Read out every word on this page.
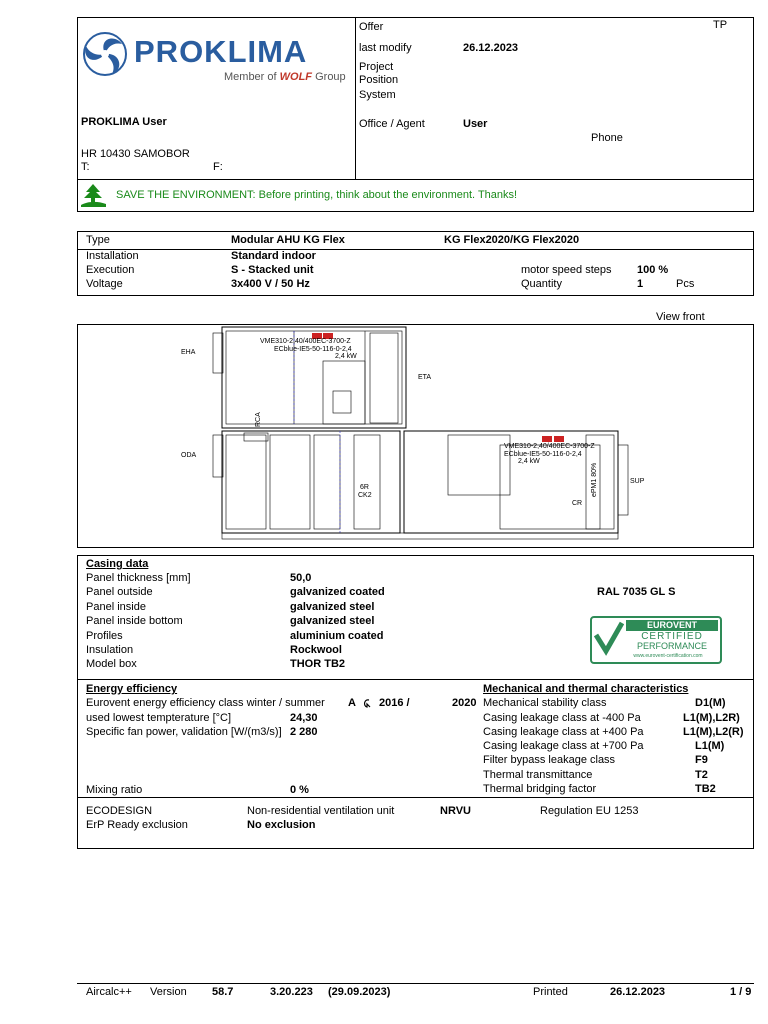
PROKLIMA
Member of WOLF Group
PROKLIMA User
HR 10430 SAMOBOR
T:	F:
Offer	TP
last modify	26.12.2023
Project
Position
System
Office / Agent	User
Phone
SAVE THE ENVIRONMENT: Before printing, think about the environment. Thanks!
Type	Modular AHU KG Flex	KG Flex2020/KG Flex2020
Installation	Standard indoor
Execution	S - Stacked unit	motor speed steps 100 %
Voltage	3x400 V / 50 Hz	Quantity	1	Pcs
View front
EHA
ETA
ODA
SUP
RCA
VME310-2,40/400EC-3700-Z
ECblue-IE5-50-116-0-2,4
2,4 kW
VME310-2,40/400EC-3700-Z
ECblue-IE5-50-116-0-2,4
2,4 kW
6R
CK2	ePM1 80%
CR
Casing data
Panel thickness [mm]	50,0
Panel outside	galvanized coated
Panel inside	galvanized steel
Panel inside bottom	galvanized steel
Profiles	aluminium coated
Insulation	Rockwool
Model box	THOR TB2
RAL 7035 GL S
EUROVENT
CERTIFIED
PERFORMANCE
www.eurovent-certification.com
Energy efficiency
Eurovent energy efficiency class winter / summer A 2016 /	2020
used lowest tempterature [°C]	24,30
Specific fan power, validation [W/(m3/s)] 2 280
Mixing ratio	0 %
Mechanical and thermal characteristics
Mechanical stability class	D1(M)
Casing leakage class at -400 Pa	L1(M),L2R)
Casing leakage class at +400 Pa	L1(M),L2(R)
Casing leakage class at +700 Pa	L1(M)
Filter bypass leakage class	F9
Thermal transmittance	T2
Thermal bridging factor	TB2
ECODESIGN	Non-residential ventilation unit	NRVU	Regulation EU 1253
ErP Ready exclusion	No exclusion
Aircalc++ Version 58.7	3.20.223 (29.09.2023)	Printed	26.12.2023	1 / 9
